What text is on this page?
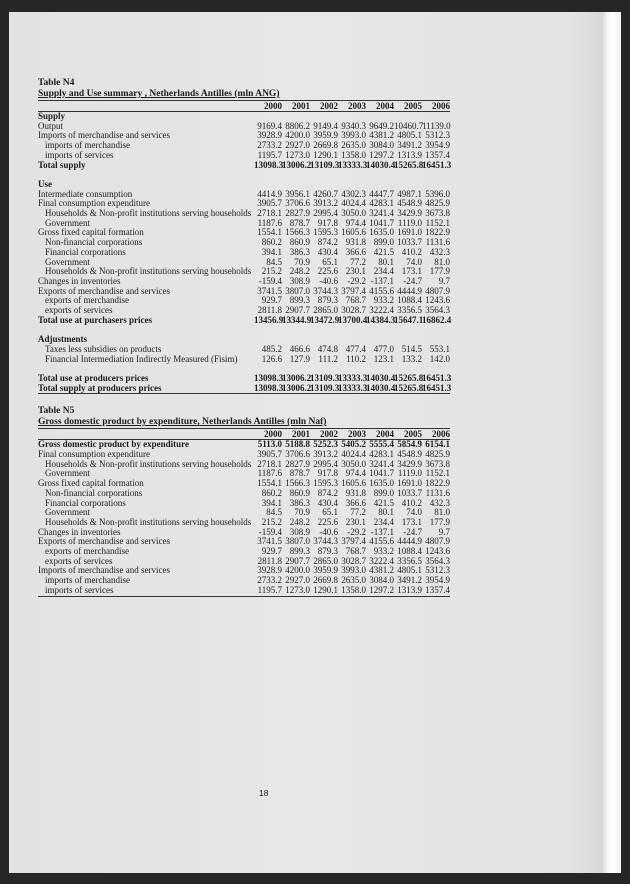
Table N4
Supply and Use summary , Netherlands Antilles (mln ANG)
	2000	2001	2002	2003	2004	2005	2006
Supply							
Output	9169.4	8806.2	9149.4	9340.3	9649.2	10460.7	11139.0
Imports of merchandise and services	3928.9	4200.0	3959.9	3993.0	4381.2	4805.1	5312.3
imports of merchandise	2733.2	2927.0	2669.8	2635.0	3084.0	3491.2	3954.9
imports of services	1195.7	1273.0	1290.1	1358.0	1297.2	1313.9	1357.4
Total supply	13098.3	13006.2	13109.3	13333.3	14030.4	15265.8	16451.3

Use							
Intermediate consumption	4414.9	3956.1	4260.7	4302.3	4447.7	4987.1	5396.0
Final consumption expenditure	3905.7	3706.6	3913.2	4024.4	4283.1	4548.9	4825.9
Households & Non-profit institutions serving households	2718.1	2827.9	2995.4	3050.0	3241.4	3429.9	3673.8
Government	1187.6	878.7	917.8	974.4	1041.7	1119.0	1152.1
Gross fixed capital formation	1554.1	1566.3	1595.3	1605.6	1635.0	1691.0	1822.9
Non-financial corporations	860.2	860.9	874.2	931.8	899.0	1033.7	1131.6
Financial corporations	394.1	386.3	430.4	366.6	421.5	410.2	432.3
Government	84.5	70.9	65.1	77.2	80.1	74.0	81.0
Households & Non-profit institutions serving households	215.2	248.2	225.6	230.1	234.4	173.1	177.9
Changes in inventories	-159.4	308.9	-40.6	-29.2	-137.1	-24.7	9.7
Exports of merchandise and services	3741.5	3807.0	3744.3	3797.4	4155.6	4444.9	4807.9
exports of merchandise	929.7	899.3	879.3	768.7	933.2	1088.4	1243.6
exports of services	2811.8	2907.7	2865.0	3028.7	3222.4	3356.5	3564.3
Total use at purchasers prices	13456.9	13344.9	13472.9	13700.4	14384.3	15647.1	16862.4

Adjustments							
Taxes less subsidies on products	485.2	466.6	474.8	477.4	477.0	514.5	553.1
Financial Intermediation Indirectly Measured (Fisim)	126.6	127.9	111.2	110.2	123.1	133.2	142.0

Total use at producers prices	13098.3	13006.2	13109.3	13333.3	14030.4	15265.8	16451.3
Total supply at producers prices	13098.3	13006.2	13109.3	13333.3	14030.4	15265.8	16451.3
Table N5
Gross domestic product by expenditure, Netherlands Antilles (mln Naf)
	2000	2001	2002	2003	2004	2005	2006
Gross domestic product by expenditure	5113.0	5188.8	5252.3	5405.2	5555.4	5854.9	6154.1
Final consumption expenditure	3905.7	3706.6	3913.2	4024.4	4283.1	4548.9	4825.9
Households & Non-profit institutions serving households	2718.1	2827.9	2995.4	3050.0	3241.4	3429.9	3673.8
Government	1187.6	878.7	917.8	974.4	1041.7	1119.0	1152.1
Gross fixed capital formation	1554.1	1566.3	1595.3	1605.6	1635.0	1691.0	1822.9
Non-financial corporations	860.2	860.9	874.2	931.8	899.0	1033.7	1131.6
Financial corporations	394.1	386.3	430.4	366.6	421.5	410.2	432.3
Government	84.5	70.9	65.1	77.2	80.1	74.0	81.0
Households & Non-profit institutions serving households	215.2	248.2	225.6	230.1	234.4	173.1	177.9
Changes in inventories	-159.4	308.9	-40.6	-29.2	-137.1	-24.7	9.7
Exports of merchandise and services	3741.5	3807.0	3744.3	3797.4	4155.6	4444.9	4807.9
exports of merchandise	929.7	899.3	879.3	768.7	933.2	1088.4	1243.6
exports of services	2811.8	2907.7	2865.0	3028.7	3222.4	3356.5	3564.3
Imports of merchandise and services	3928.9	4200.0	3959.9	3993.0	4381.2	4805.1	5312.3
imports of merchandise	2733.2	2927.0	2669.8	2635.0	3084.0	3491.2	3954.9
imports of services	1195.7	1273.0	1290.1	1358.0	1297.2	1313.9	1357.4
18
